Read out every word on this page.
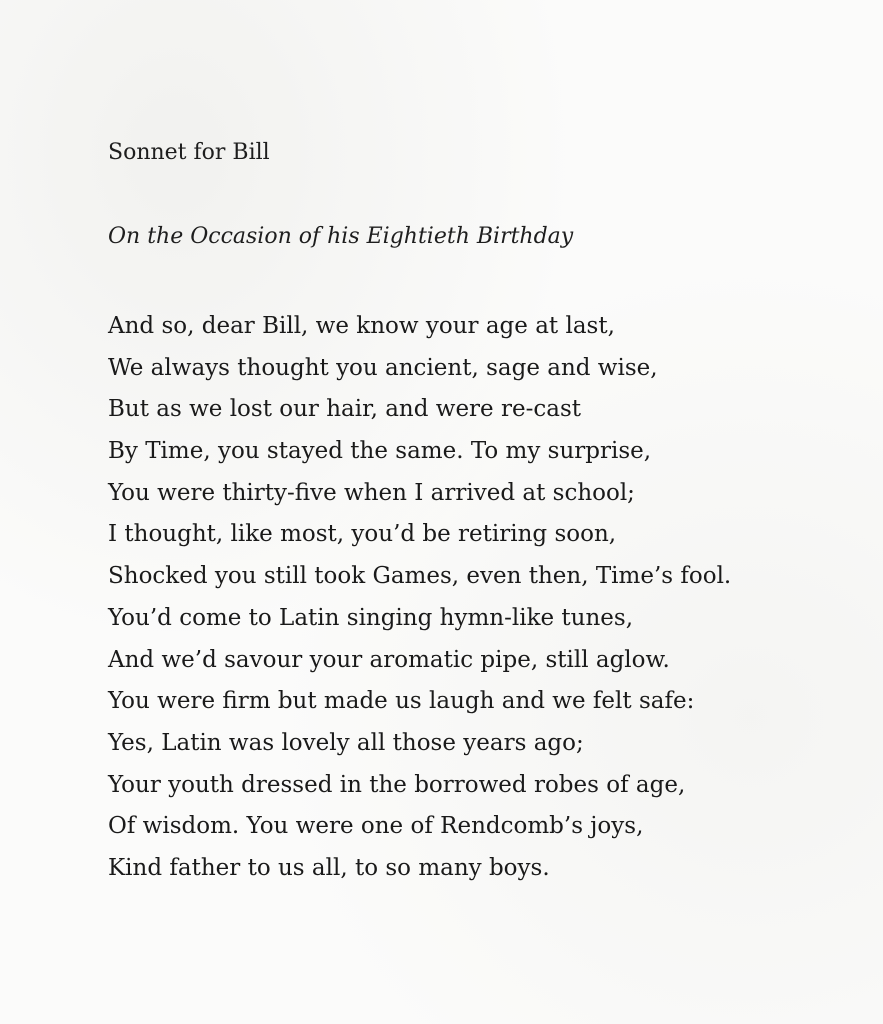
Sonnet for Bill
On the Occasion of his Eightieth Birthday
And so, dear Bill, we know your age at last,
We always thought you ancient, sage and wise,
But as we lost our hair, and were re-cast
By Time, you stayed the same. To my surprise,
You were thirty-five when I arrived at school;
I thought, like most, you’d be retiring soon,
Shocked you still took Games, even then, Time’s fool.
You’d come to Latin singing hymn-like tunes,
And we’d savour your aromatic pipe, still aglow.
You were firm but made us laugh and we felt safe:
Yes, Latin was lovely all those years ago;
Your youth dressed in the borrowed robes of age,
Of wisdom. You were one of Rendcomb’s joys,
Kind father to us all, to so many boys.
